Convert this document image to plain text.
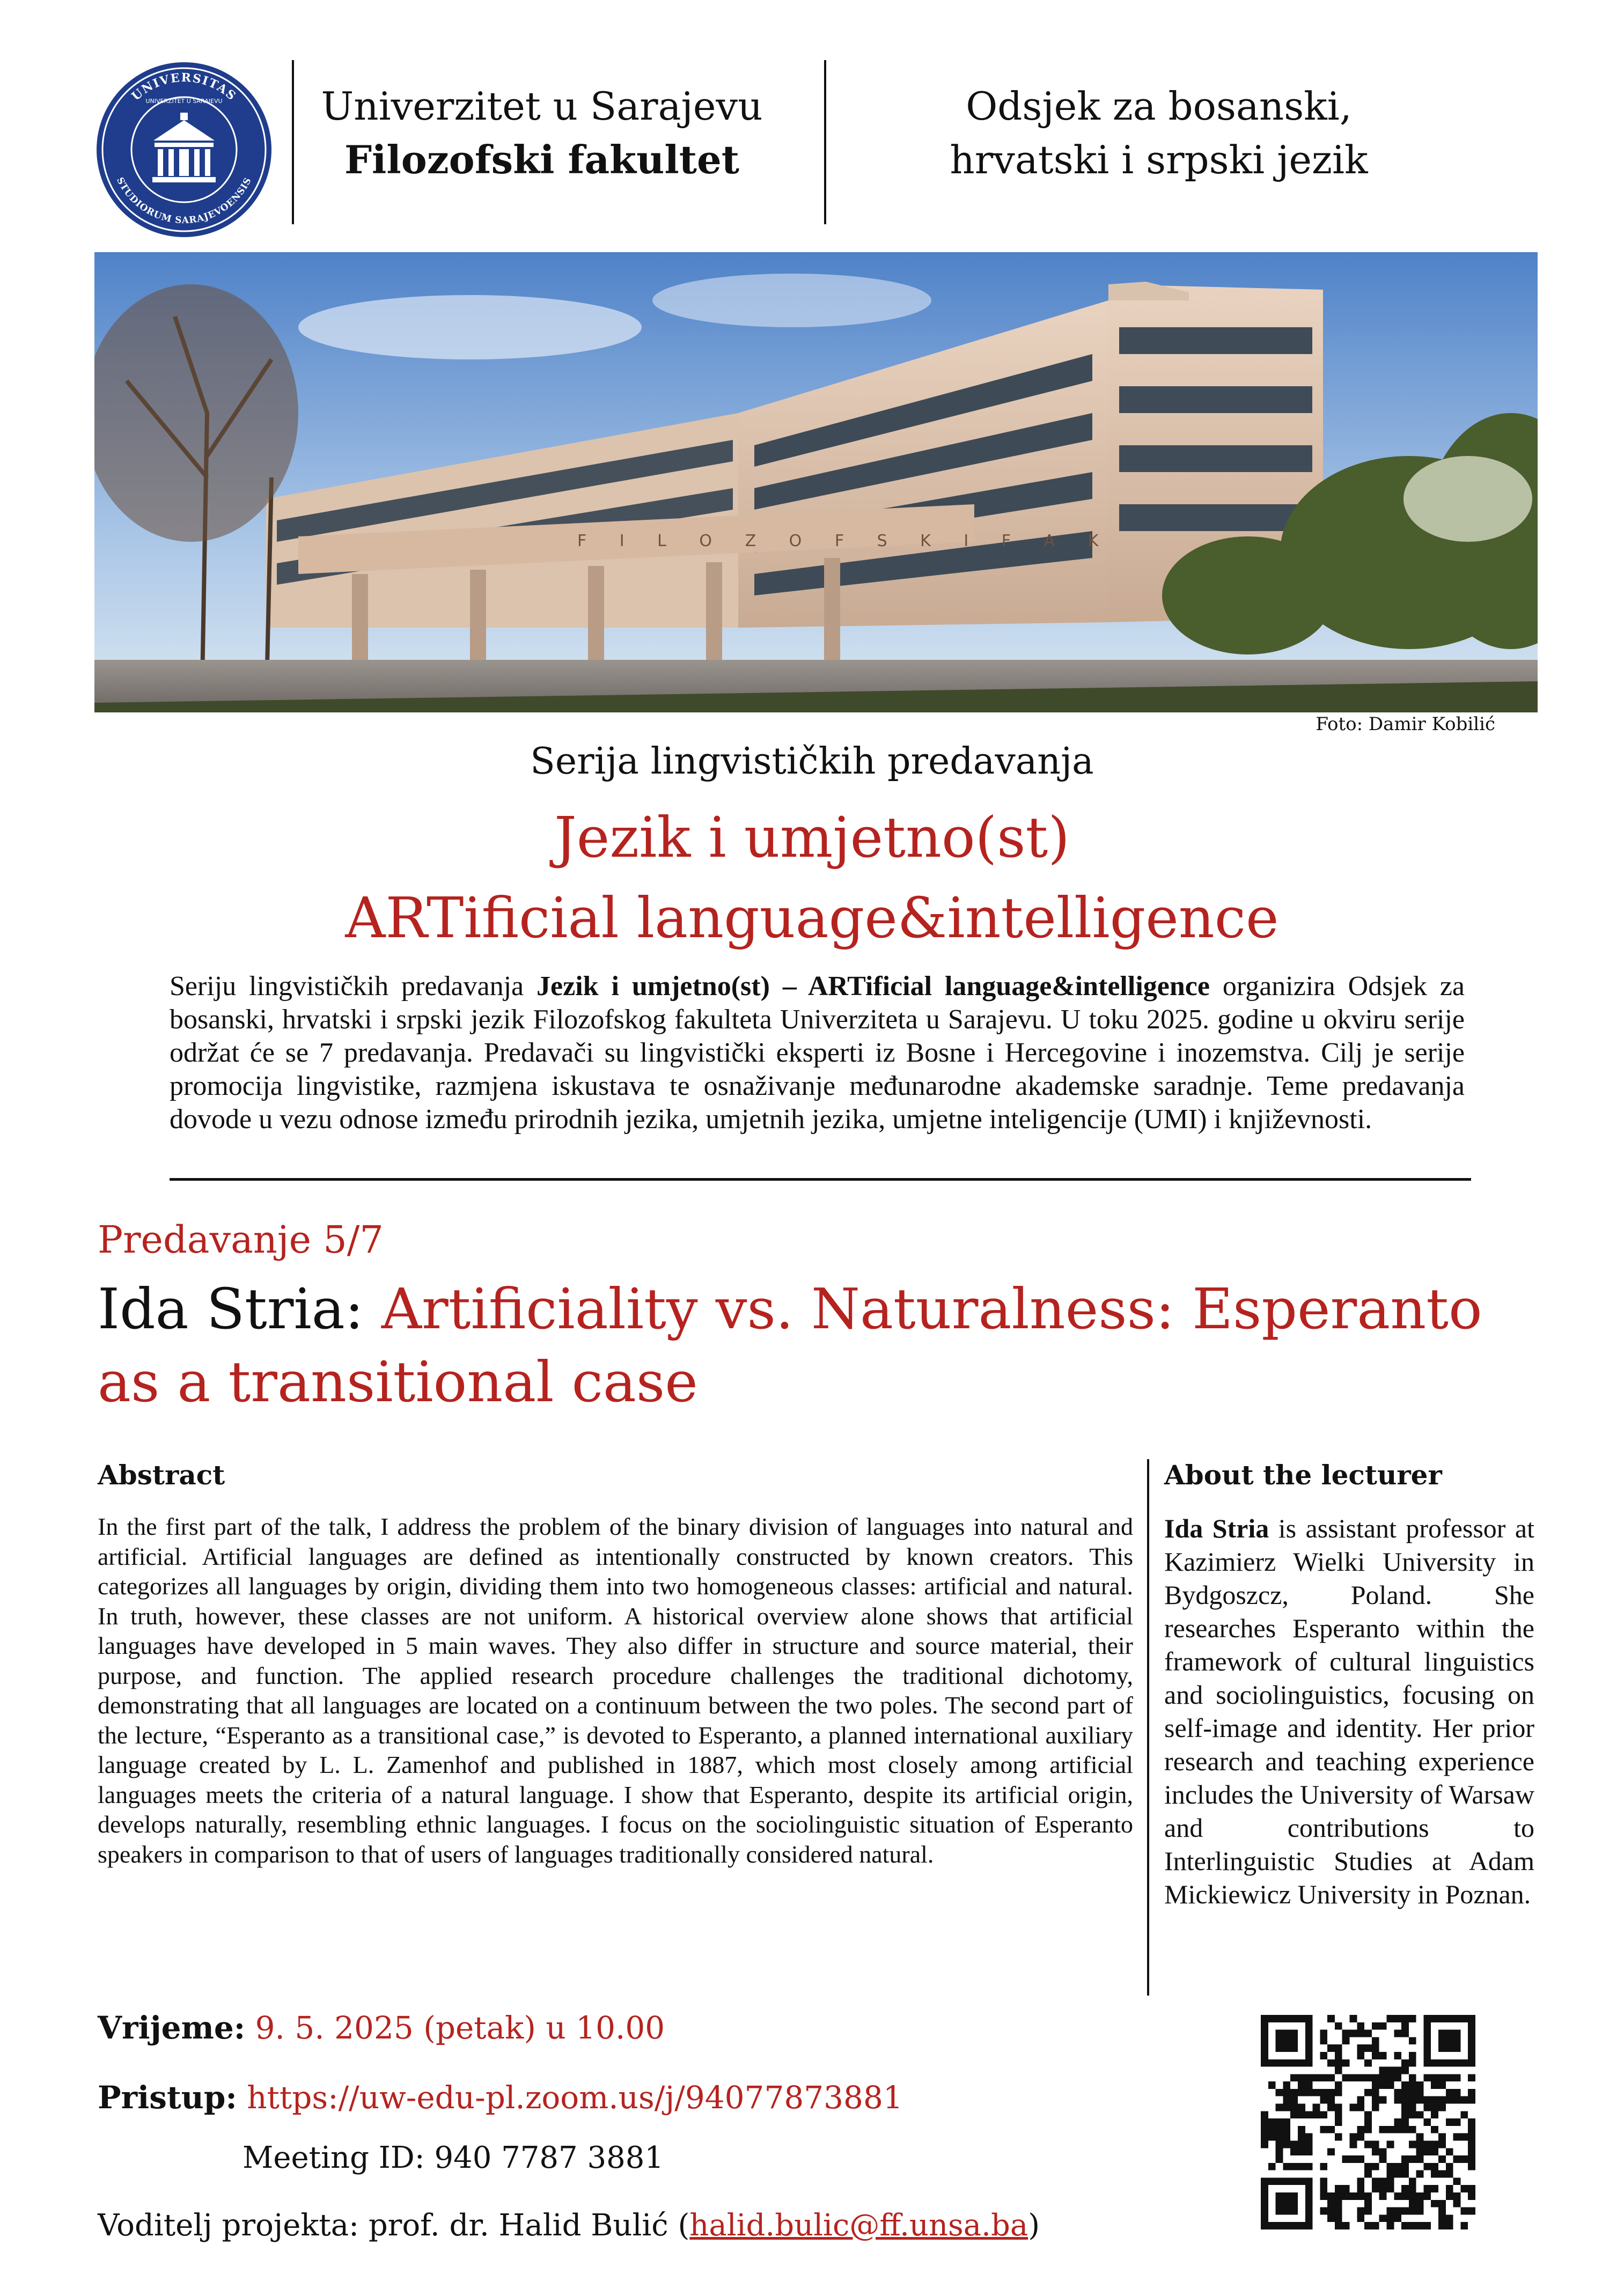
UNIVERSITAS
STUDIORUM SARAJEVOENSIS
UNIVERZITET U SARAJEVU	Univerzitet u Sarajevu
Filozofski fakultet
Odsjek za bosanski,
hrvatski i srpski jezik
F I L O Z O F S K I F A K
Foto: Damir Kobilić
Serija lingvističkih predavanja
Jezik i umjetno(st)
ARTificial language&intelligence
Seriju lingvističkih predavanja Jezik i umjetno(st) – ARTificial language&intelligence organizira Odsjek za bosanski, hrvatski i srpski jezik Filozofskog fakulteta Univerziteta u Sarajevu. U toku 2025. godine u okviru serije održat će se 7 predavanja. Predavači su lingvistički eksperti iz Bosne i Hercegovine i inozemstva. Cilj je serije promocija lingvistike, razmjena iskustava te osnaživanje međunarodne akademske saradnje. Teme predavanja dovode u vezu odnose između prirodnih jezika, umjetnih jezika, umjetne inteligencije (UMI) i književnosti.
Predavanje 5/7
Ida Stria: Artificiality vs. Naturalness: Esperanto as a transitional case
Abstract
In the first part of the talk, I address the problem of the binary division of languages into natural and artificial. Artificial languages are defined as intentionally constructed by known creators. This categorizes all languages by origin, dividing them into two homogeneous classes: artificial and natural. In truth, however, these classes are not uniform. A historical overview alone shows that artificial languages have developed in 5 main waves. They also differ in structure and source material, their purpose, and function. The applied research procedure challenges the traditional dichotomy, demonstrating that all languages are located on a continuum between the two poles. The second part of the lecture, “Esperanto as a transitional case,” is devoted to Esperanto, a planned international auxiliary language created by L. L. Zamenhof and published in 1887, which most closely among artificial languages meets the criteria of a natural language. I show that Esperanto, despite its artificial origin, develops naturally, resembling ethnic languages. I focus on the sociolinguistic situation of Esperanto speakers in comparison to that of users of languages traditionally considered natural.
About the lecturer
Ida Stria is assistant professor at Kazimierz Wielki University in Bydgoszcz, Poland. She researches Esperanto within the framework of cultural linguistics and sociolinguistics, focusing on self-image and identity. Her prior research and teaching experience includes the University of Warsaw and contributions to Interlinguistic Studies at Adam Mickiewicz University in Poznan.
Vrijeme: 9. 5. 2025 (petak) u 10.00
Pristup: https://uw-edu-pl.zoom.us/j/94077873881
Meeting ID: 940 7787 3881
Voditelj projekta: prof. dr. Halid Bulić (halid.bulic@ff.unsa.ba)
